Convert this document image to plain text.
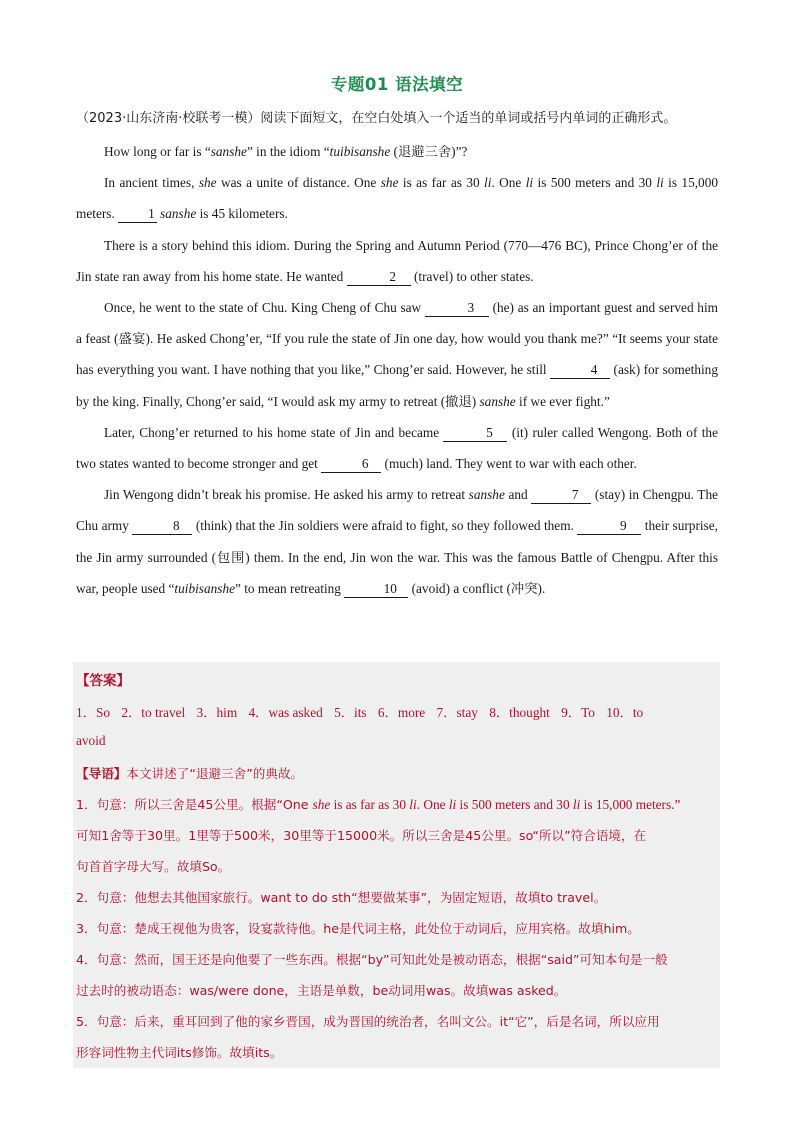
专题01 语法填空
（2023·山东济南·校联考一模）阅读下面短文，在空白处填入一个适当的单词或括号内单词的正确形式。

How long or far is “sanshe” in the idiom “tuibisanshe (退避三舍)”?

In ancient times, she was a unite of distance. One she is as far as 30 li. One li is 500 meters and 30 li is 15,000 meters. 1 sanshe is 45 kilometers.

There is a story behind this idiom. During the Spring and Autumn Period (770—476 BC), Prince Chong’er of the Jin state ran away from his home state. He wanted	2 (travel) to other states.

Once, he went to the state of Chu. King Cheng of Chu saw	3 (he) as an important guest and served him a feast (盛宴). He asked Chong’er, “If you rule the state of Jin one day, how would you thank me?” “It seems your state has everything you want. I have nothing that you like,” Chong’er said. However, he still	4 (ask) for something by the king. Finally, Chong’er said, “I would ask my army to retreat (撤退) sanshe if we ever fight.”

Later, Chong’er returned to his home state of Jin and became	5 (it) ruler called Wengong. Both of the two states wanted to become stronger and get	6 (much) land. They went to war with each other.

Jin Wengong didn’t break his promise. He asked his army to retreat sanshe and	7 (stay) in Chengpu. The Chu army	8 (think) that the Jin soldiers were afraid to fight, so they followed them.	9 their surprise, the Jin army surrounded (包围) them. In the end, Jin won the war. This was the famous Battle of Chengpu. After this war, people used “tuibisanshe” to mean retreating	10 (avoid) a conflict (冲突).

【答案】
1．So 2．to travel 3．him 4．was asked 5．its 6．more 7．stay 8．thought 9．To 10．to
avoid
【导语】本文讲述了“退避三舍”的典故。
1．句意：所以三舍是45公里。根据“One she is as far as 30 li. One li is 500 meters and 30 li is 15,000 meters.”
可知1舍等于30里。1里等于500米，30里等于15000米。所以三舍是45公里。so“所以”符合语境，在
句首首字母大写。故填So。
2．句意：他想去其他国家旅行。want to do sth“想要做某事”，为固定短语，故填to travel。
3．句意：楚成王视他为贵客，设宴款待他。he是代词主格，此处位于动词后，应用宾格。故填him。
4．句意：然而，国王还是向他要了一些东西。根据“by”可知此处是被动语态，根据“said”可知本句是一般
过去时的被动语态：was/were done，主语是单数，be动词用was。故填was asked。
5．句意：后来，重耳回到了他的家乡晋国，成为晋国的统治者，名叫文公。it“它”，后是名词，所以应用
形容词性物主代词its修饰。故填its。
